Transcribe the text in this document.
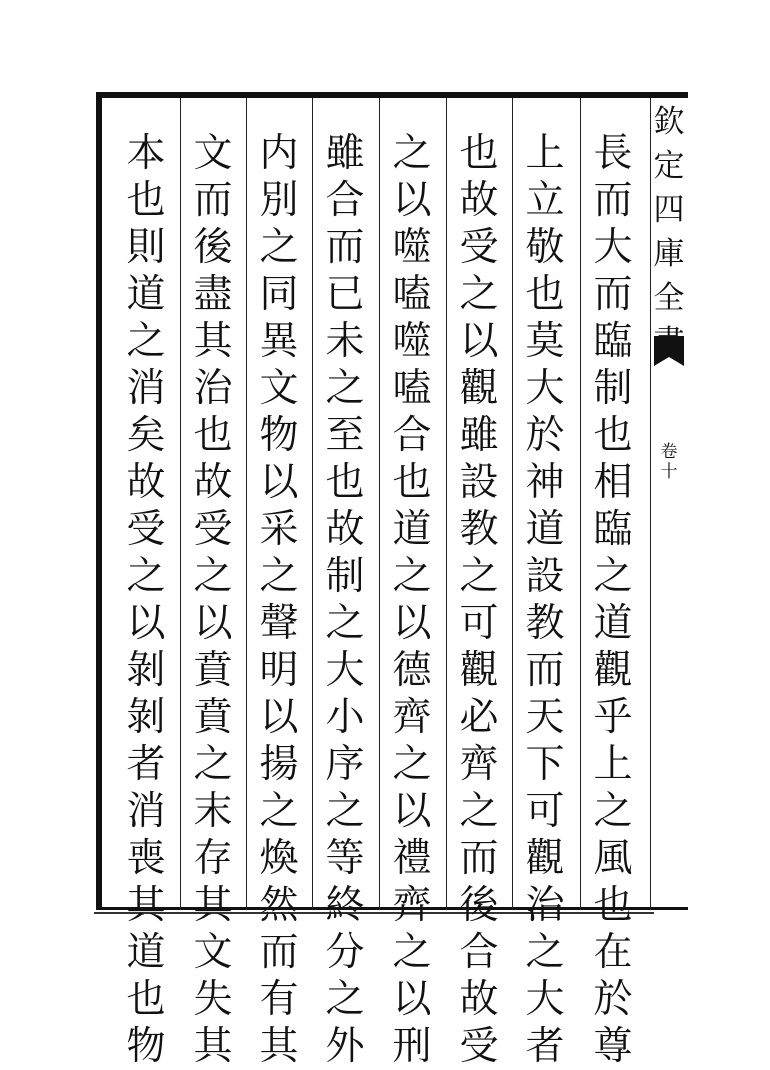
欽
定
四
庫
全
卷
十
長
而
大
而
臨
制
也
相
臨
之
道
觀
乎
上
之
風
也
在
於
尊
上
立
敬
也
莫
大
於
神
道
設
教
而
天
下
可
觀
治
之
大
者
也
故
受
之
以
觀
雖
設
教
之
可
觀
必
齊
之
而
後
合
故
受
之
以
噬
嗑
噬
嗑
合
也
道
之
以
德
齊
之
以
禮
齊
之
以
刑
雖
合
而
已
未
之
至
也
故
制
之
大
小
序
之
等
終
分
之
外
内
別
之
同
異
文
物
以
采
之
聲
明
以
揚
之
煥
然
而
有
其
文
而
後
盡
其
治
也
故
受
之
以
賁
賁
之
末
存
其
文
失
其
本
也
則
道
之
消
矣
故
受
之
以
剝
剝
者
消
喪
其
道
也
物
